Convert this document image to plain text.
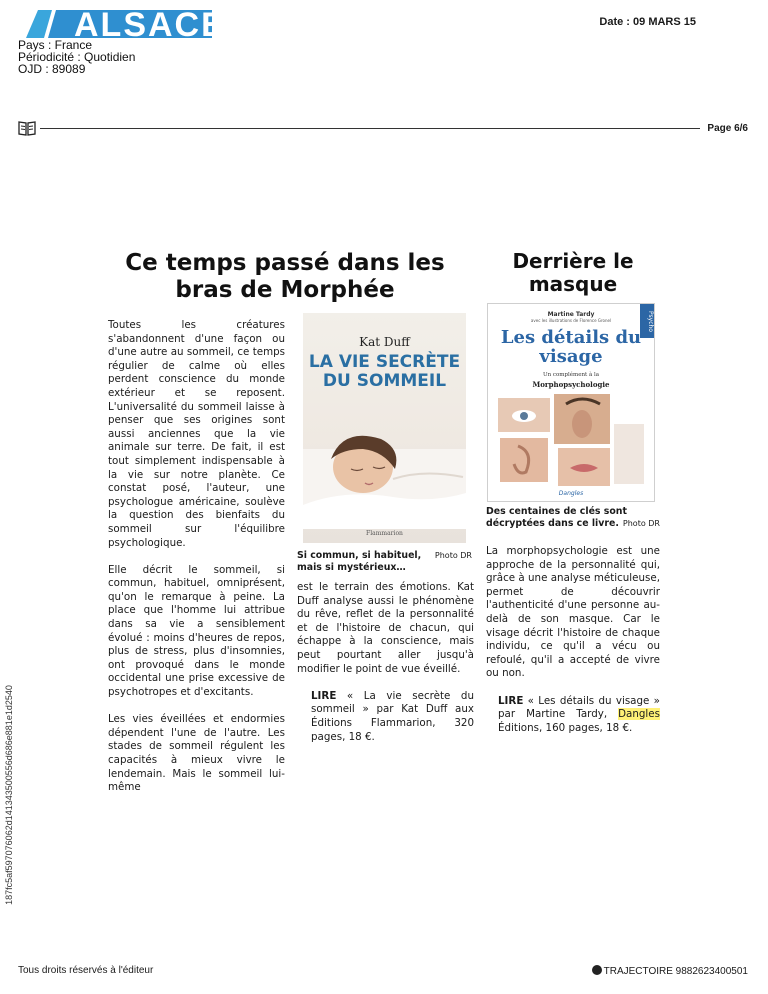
ALSACE	Date : 09 MARS 15
Pays : France
Périodicité : Quotidien
OJD : 89089
Page 6/6
187fc5af597076062d141343500556d686e881e1d2540
Ce temps passé dans les bras de Morphée

Toutes les créatures s'abandonnent d'une façon ou d'une autre au sommeil, ce temps régulier de calme où elles perdent conscience du monde extérieur et se reposent. L'universalité du sommeil laisse à penser que ses origines sont aussi anciennes que la vie animale sur terre. De fait, il est tout simplement indispensable à la vie sur notre planète. Ce constat posé, l'auteur, une psychologue américaine, soulève la question des bienfaits du sommeil sur l'équilibre psychologique.

Elle décrit le sommeil, si commun, habituel, omniprésent, qu'on le remarque à peine. La place que l'homme lui attribue dans sa vie a sensiblement évolué : moins d'heures de repos, plus de stress, plus d'insomnies, ont provoqué dans le monde occidental une prise excessive de psychotropes et d'excitants.

Les vies éveillées et endormies dépendent l'une de l'autre. Les stades de sommeil régulent les capacités à mieux vivre le lendemain. Mais le sommeil lui-même

Kat Duff
LA VIE SECRÈTE DU SOMMEIL
Flammarion
Photo DR
Si commun, si habituel, mais si mystérieux…

est le terrain des émotions. Kat Duff analyse aussi le phénomène du rêve, reflet de la personnalité et de l'histoire de chacun, qui échappe à la conscience, mais peut pourtant aller jusqu'à modifier le point de vue éveillé.

LIRE « La vie secrète du sommeil » par Kat Duff aux Éditions Flammarion, 320 pages, 18 €.

Derrière le masque
Psycho
Martine Tardy
avec les illustrations de Florence Gronel
Les détails du visage
Un complément à la
Morphopsychologie
Dangles
Des centaines de clés sont décryptées dans ce livre. Photo DR

La morphopsychologie est une approche de la personnalité qui, grâce à une analyse méticuleuse, permet de découvrir l'authenticité d'une personne au-delà de son masque. Car le visage décrit l'histoire de chaque individu, ce qu'il a vécu ou refoulé, qu'il a accepté de vivre ou non.

LIRE « Les détails du visage » par Martine Tardy, Dangles Éditions, 160 pages, 18 €.

Tous droits réservés à l'éditeur	TRAJECTOIRE 9882623400501
